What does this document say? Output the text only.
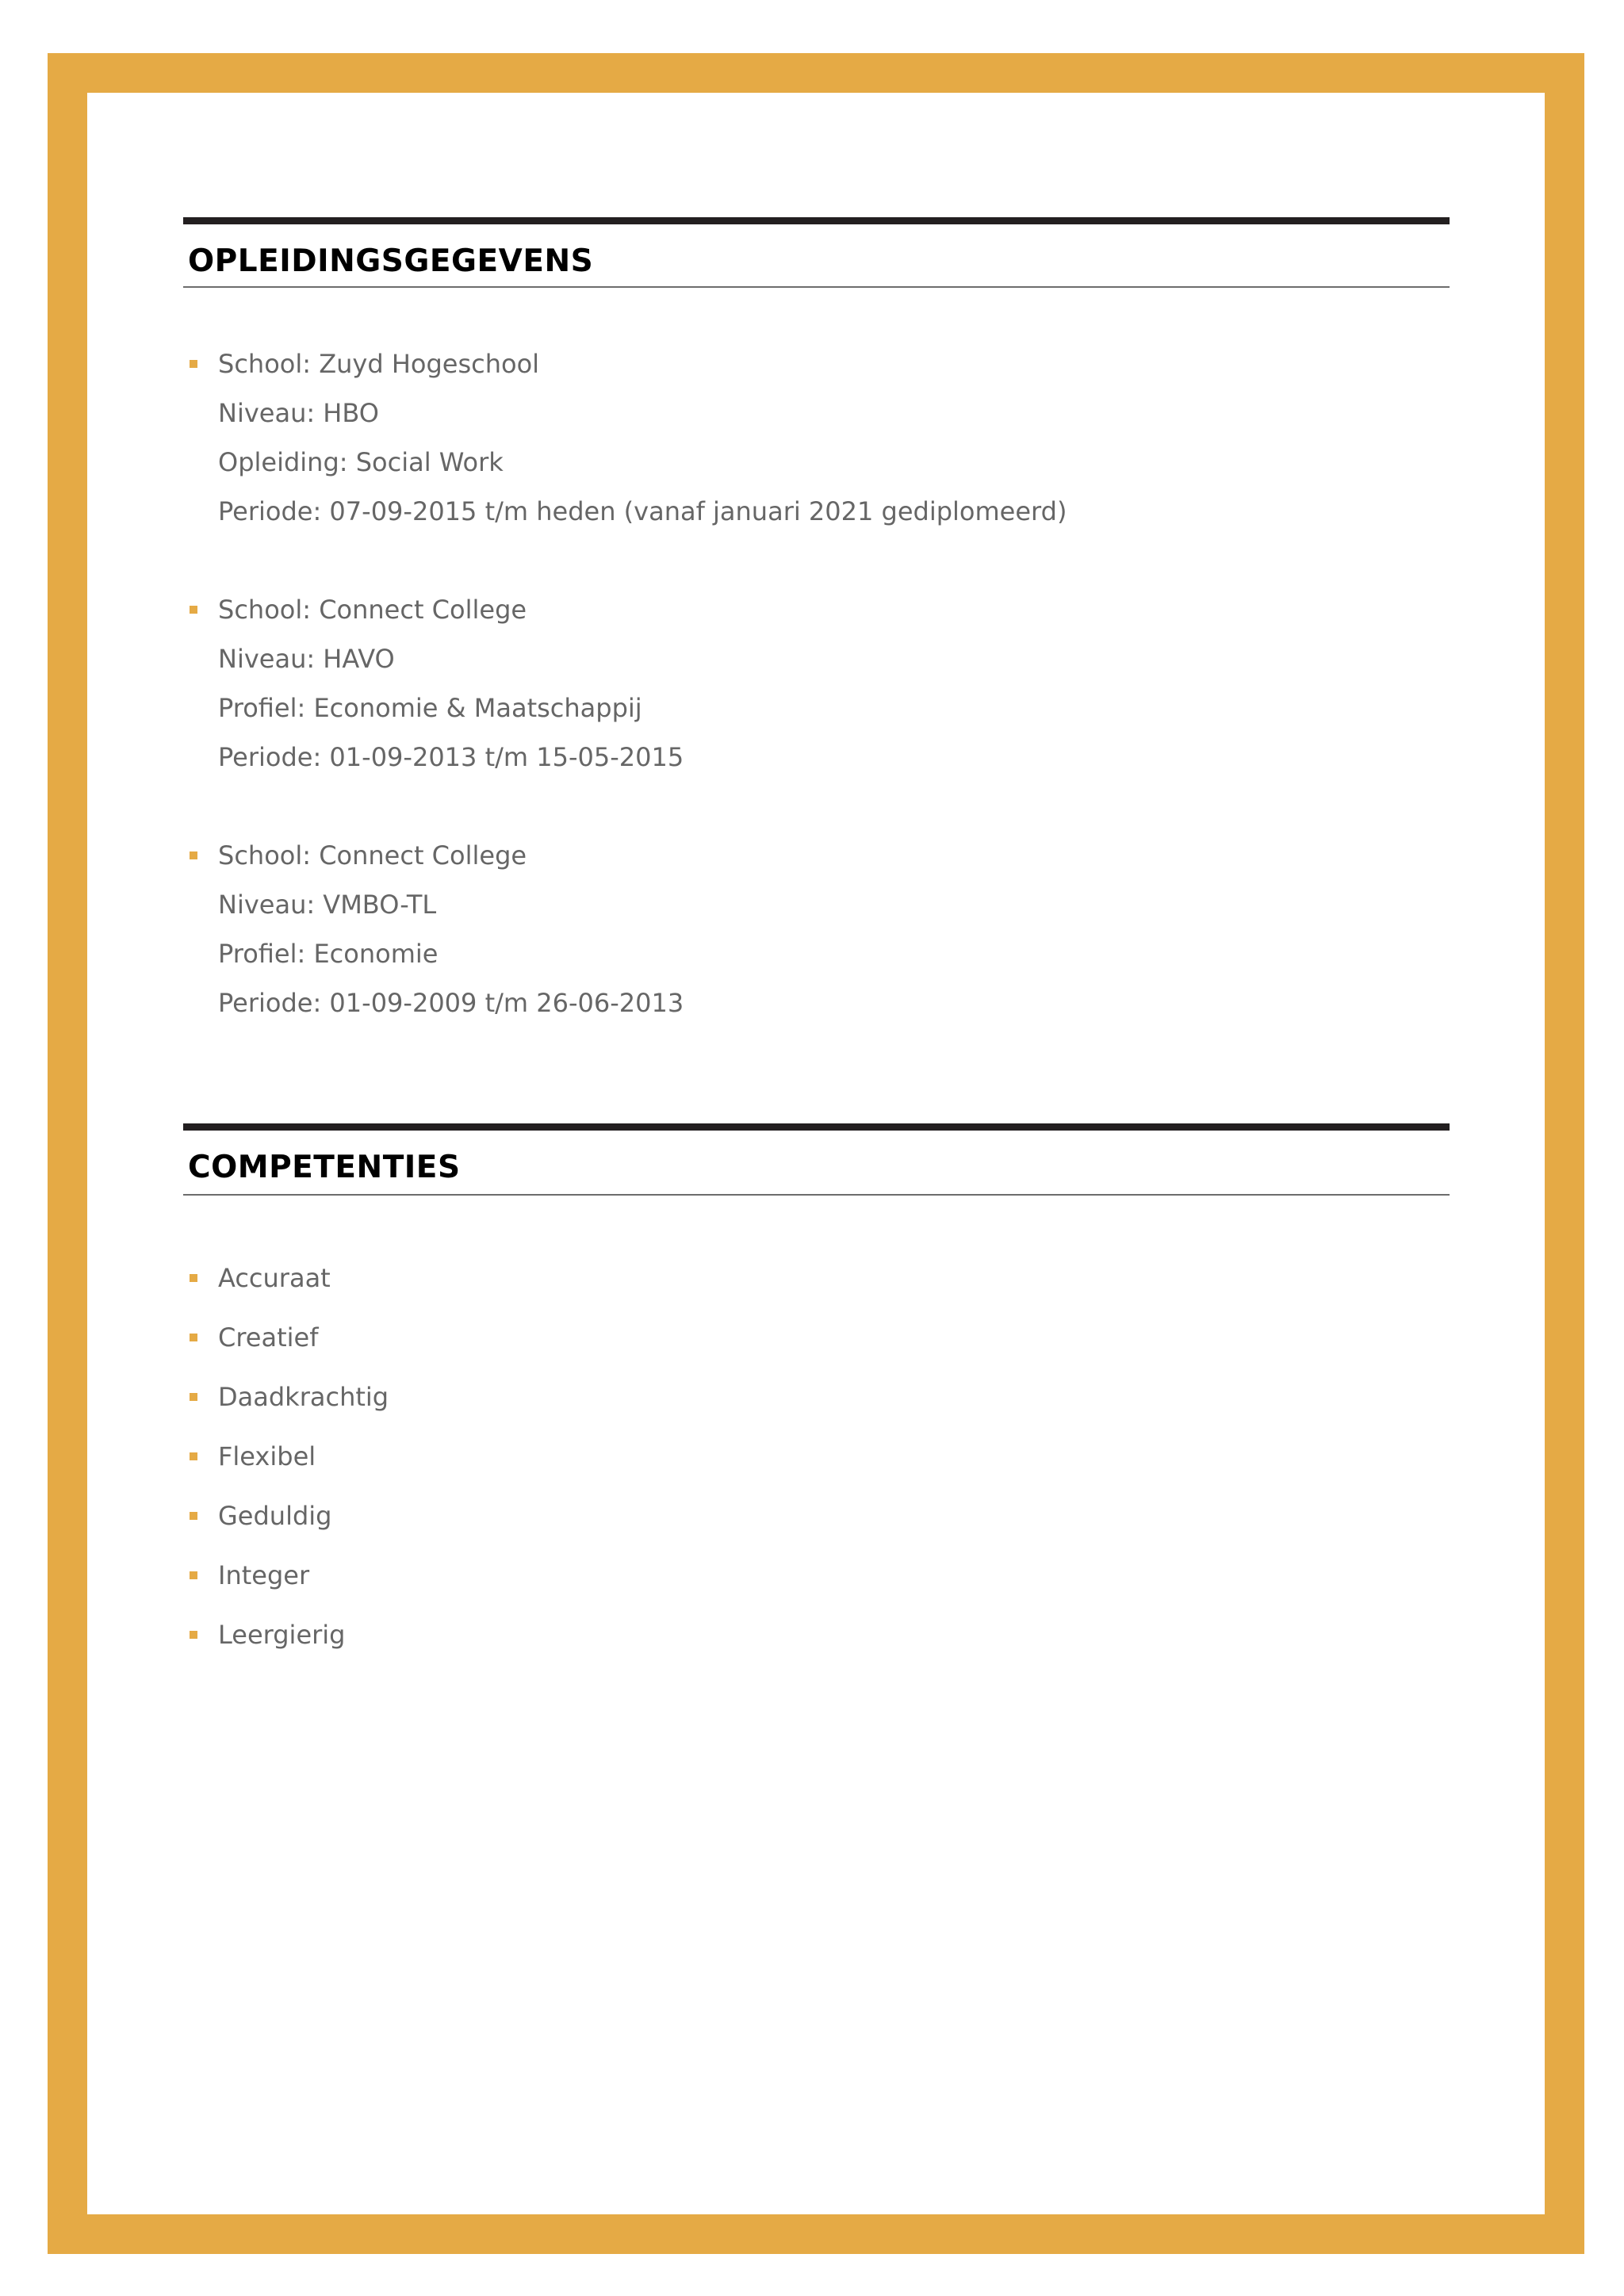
OPLEIDINGSGEGEVENS
School: Zuyd Hogeschool
Niveau: HBO
Opleiding: Social Work
Periode: 07-09-2015 t/m heden (vanaf januari 2021 gediplomeerd)
School: Connect College
Niveau: HAVO
Profiel: Economie & Maatschappij
Periode: 01-09-2013 t/m 15-05-2015
School: Connect College
Niveau: VMBO-TL
Profiel: Economie
Periode: 01-09-2009 t/m 26-06-2013
COMPETENTIES
Accuraat
Creatief
Daadkrachtig
Flexibel
Geduldig
Integer
Leergierig
